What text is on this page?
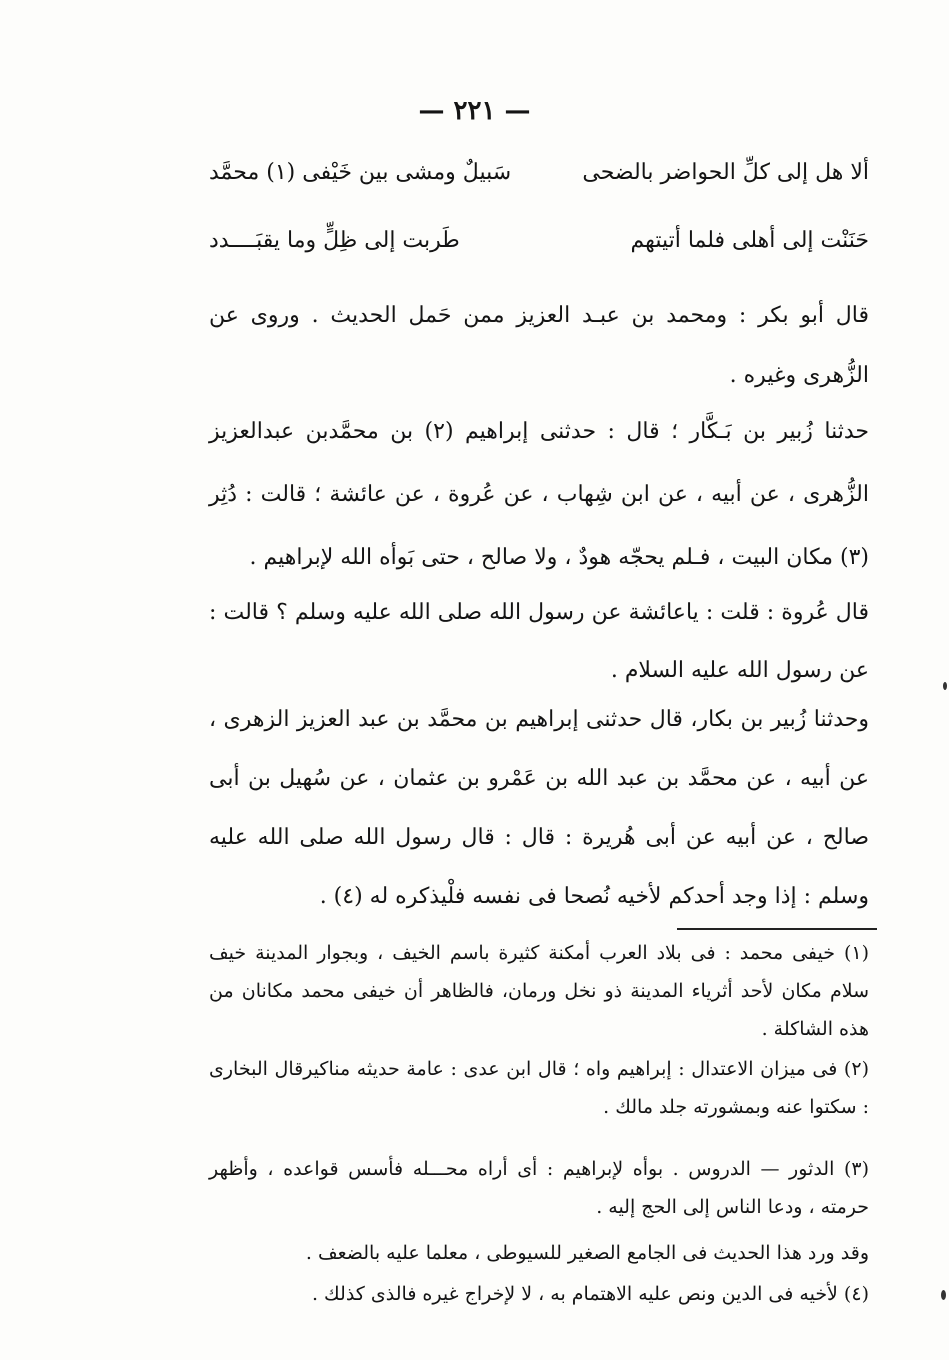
— ٢٢١ —
ألا هل إلى كلِّ الحواضر بالضحى
سَبيلٌ ومشى بين خَيْفى (١) محمَّد
حَنَنْت إلى أهلى فلما أتيتهم
طَربت إلى ظِلٍّ وما يقبَــــدد

قال أبو بكر : ومحمد بن عبـد العزيز ممن حَمل الحديث . وروى عن الزُّهرى وغيره .

حدثنا زُبير بن بَـكَّار ؛ قال : حدثنى إبراهيم (٢) بن محمَّدبن عبدالعزيز الزُّهرى ، عن أبيه ، عن ابن شِهاب ، عن عُروة ، عن عائشة ؛ قالت : دُثِر (٣) مكان البيت ، فـلم يحجّه هودٌ ، ولا صالح ، حتى بَوأه الله لإبراهيم .

قال عُروة : قلت : ياعائشة عن رسول الله صلى الله عليه وسلم ؟ قالت : عن رسول الله عليه السلام .

وحدثنا زُبير بن بكار، قال حدثنى إبراهيم بن محمَّد بن عبد العزيز الزهرى ، عن أبيه ، عن محمَّد بن عبد الله بن عَمْرو بن عثمان ، عن سُهيل بن أبى صالح ، عن أبيه عن أبى هُريرة : قال : قال رسول الله صلى الله عليه وسلم : إذا وجد أحدكم لأخيه نُصحا فى نفسه فلْيذكره له (٤) .

(١) خيفى محمد : فى بلاد العرب أمكنة كثيرة باسم الخيف ، وبجوار المدينة خيف سلام مكان لأحد أثرياء المدينة ذو نخل ورمان، فالظاهر أن خيفى محمد مكانان من هذه الشاكلة .

(٢) فى ميزان الاعتدال : إبراهيم واه ؛ قال ابن عدى : عامة حديثه مناكيرقال البخارى : سكتوا عنه وبمشورته جلد مالك .

(٣) الدثور — الدروس . بوأه لإبراهيم : أى أراه محـــله فأسس قواعده ، وأظهر حرمته ، ودعا الناس إلى الحج إليه .

وقد ورد هذا الحديث فى الجامع الصغير للسيوطى ، معلما عليه بالضعف .

(٤) لأخيه فى الدين ونص عليه الاهتمام به ، لا لإخراج غيره فالذى كذلك .
